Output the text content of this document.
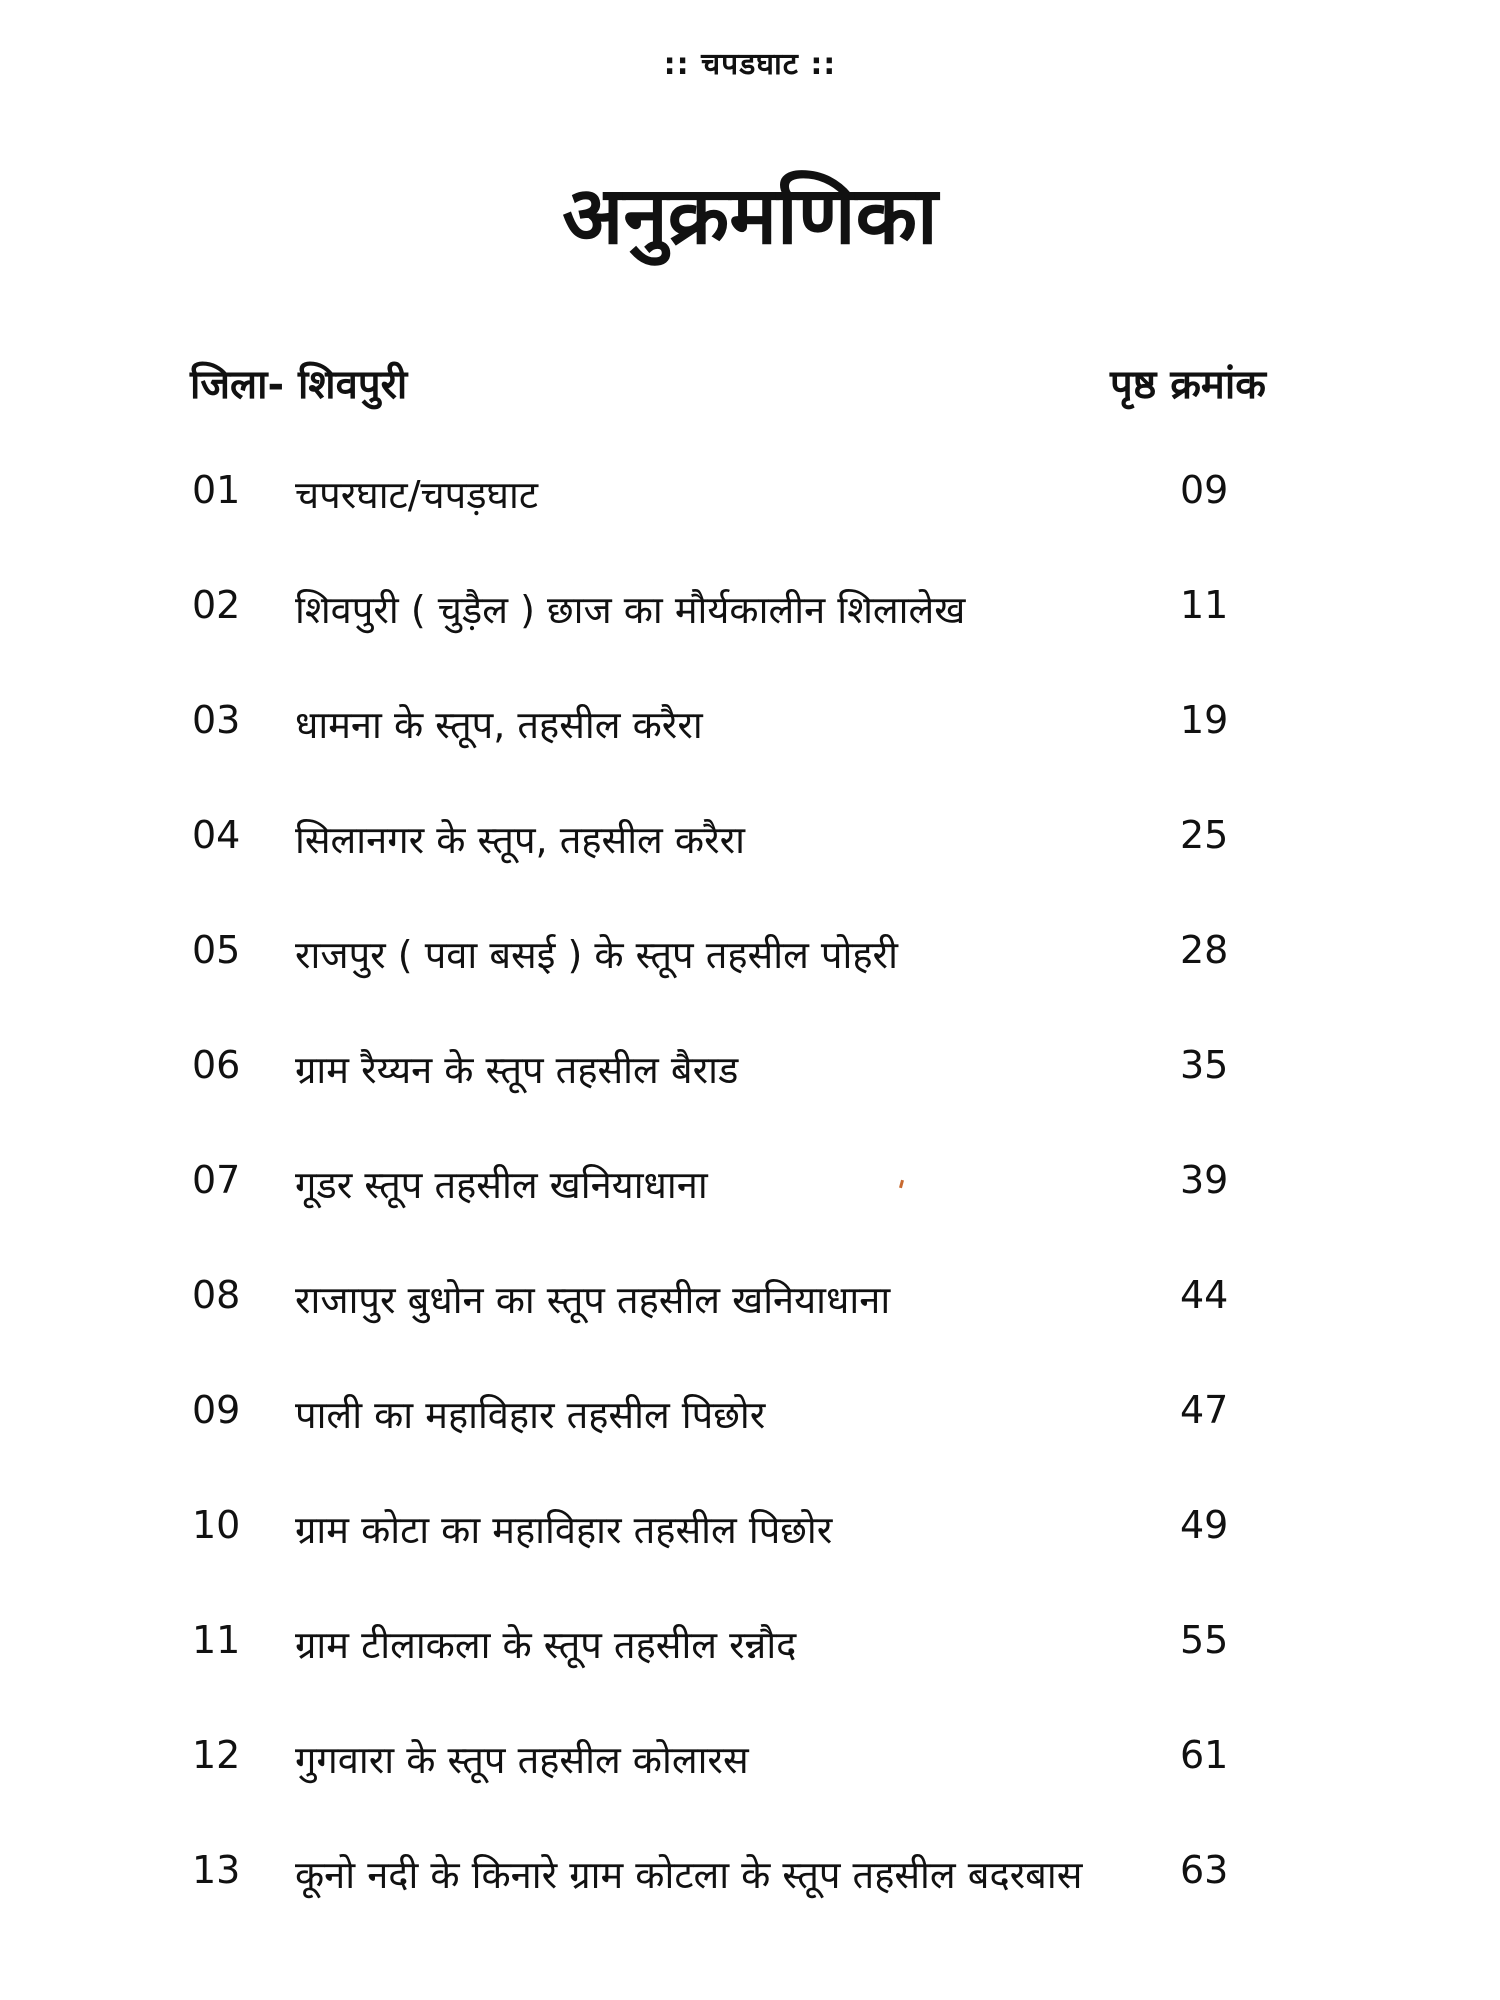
:: चपडघाट ::
अनुक्रमणिका
जिला- शिवपुरी	पृष्ठ क्रमांक
01	चपरघाट/चपड़घाट	09
02	शिवपुरी ( चुड़ैल ) छाज का मौर्यकालीन शिलालेख	11
03	धामना के स्तूप, तहसील करैरा	19
04	सिलानगर के स्तूप, तहसील करैरा	25
05	राजपुर ( पवा बसई ) के स्तूप तहसील पोहरी	28
06	ग्राम रैय्यन के स्तूप तहसील बैराड	35
07	गूडर स्तूप तहसील खनियाधाना	39
08	राजापुर बुधोन का स्तूप तहसील खनियाधाना	44
09	पाली का महाविहार तहसील पिछोर	47
10	ग्राम कोटा का महाविहार तहसील पिछोर	49
11	ग्राम टीलाकला के स्तूप तहसील रन्नौद	55
12	गुगवारा के स्तूप तहसील कोलारस	61
13	कूनो नदी के किनारे ग्राम कोटला के स्तूप तहसील बदरबास	63
